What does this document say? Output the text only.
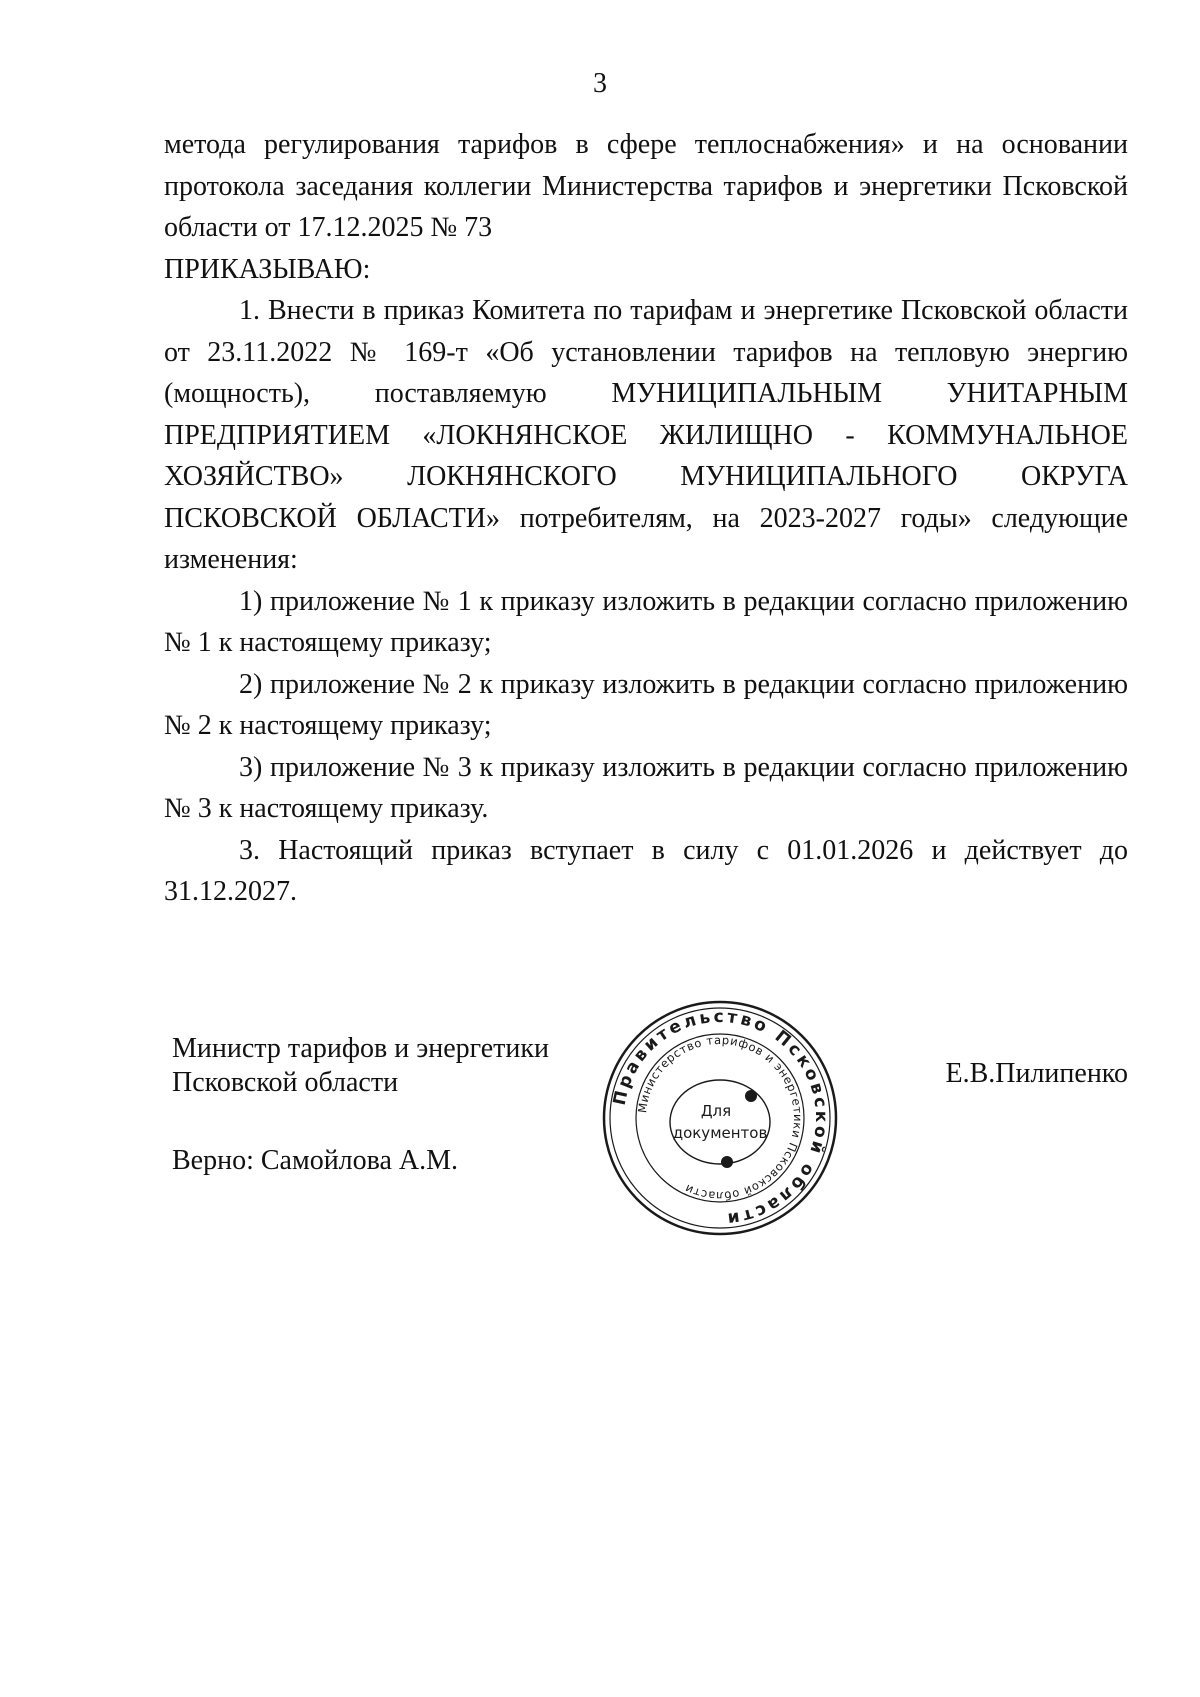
3

метода регулирования тарифов в сфере теплоснабжения» и на основании протокола заседания коллегии Министерства тарифов и энергетики Псковской области от 17.12.2025 № 73

ПРИКАЗЫВАЮ:

1. Внести в приказ Комитета по тарифам и энергетике Псковской области от 23.11.2022 № 169-т «Об установлении тарифов на тепловую энергию (мощность), поставляемую МУНИЦИПАЛЬНЫМ УНИТАРНЫМ ПРЕДПРИЯТИЕМ «ЛОКНЯНСКОЕ ЖИЛИЩНО - КОММУНАЛЬНОЕ ХОЗЯЙСТВО» ЛОКНЯНСКОГО МУНИЦИПАЛЬНОГО ОКРУГА ПСКОВСКОЙ ОБЛАСТИ» потребителям, на 2023-2027 годы» следующие изменения:

1) приложение № 1 к приказу изложить в редакции согласно приложению № 1 к настоящему приказу;

2) приложение № 2 к приказу изложить в редакции согласно приложению № 2 к настоящему приказу;

3) приложение № 3 к приказу изложить в редакции согласно приложению № 3 к настоящему приказу.

3. Настоящий приказ вступает в силу с 01.01.2026 и действует до 31.12.2027.

Министр тарифов и энергетики
Псковской области
Верно: Самойлова А.М.
Е.В.Пилипенко
Правительство Псковской области
Министерство тарифов и энергетики Псковской области
Для
документов
